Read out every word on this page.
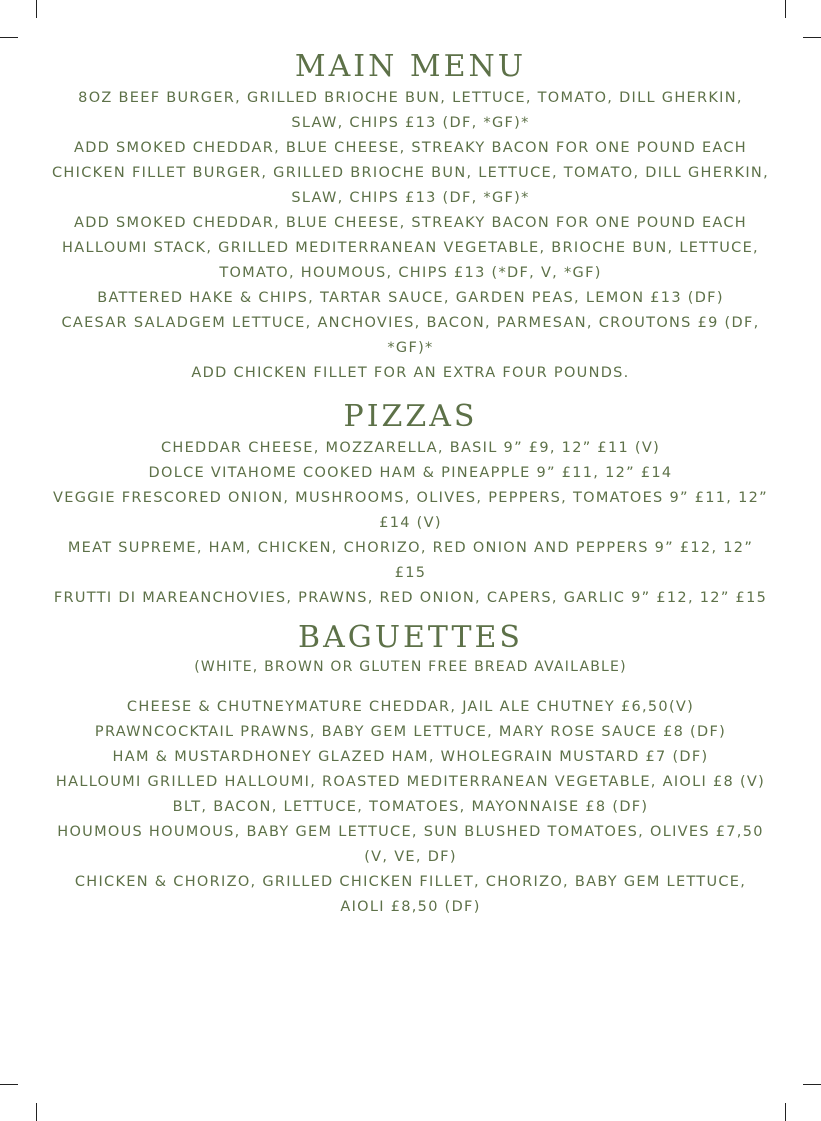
MAIN MENU
8OZ BEEF BURGER, GRILLED BRIOCHE BUN, LETTUCE, TOMATO, DILL GHERKIN, SLAW, CHIPS £13 (DF, *GF)*
ADD SMOKED CHEDDAR, BLUE CHEESE, STREAKY BACON FOR ONE POUND EACH
CHICKEN FILLET BURGER, GRILLED BRIOCHE BUN, LETTUCE, TOMATO, DILL GHERKIN, SLAW, CHIPS £13 (DF, *GF)*
ADD SMOKED CHEDDAR, BLUE CHEESE, STREAKY BACON FOR ONE POUND EACH
HALLOUMI STACK, GRILLED MEDITERRANEAN VEGETABLE, BRIOCHE BUN, LETTUCE, TOMATO, HOUMOUS, CHIPS £13 (*DF, V, *GF)
BATTERED HAKE & CHIPS, TARTAR SAUCE, GARDEN PEAS, LEMON £13 (DF)
CAESAR SALADGEM LETTUCE, ANCHOVIES, BACON, PARMESAN, CROUTONS £9 (DF, *GF)*
ADD CHICKEN FILLET FOR AN EXTRA FOUR POUNDS.
PIZZAS
CHEDDAR CHEESE, MOZZARELLA, BASIL 9” £9, 12” £11 (V)
DOLCE VITAHOME COOKED HAM & PINEAPPLE 9” £11, 12” £14
VEGGIE FRESCORED ONION, MUSHROOMS, OLIVES, PEPPERS, TOMATOES 9” £11, 12” £14 (V)
MEAT SUPREME, HAM, CHICKEN, CHORIZO, RED ONION AND PEPPERS 9” £12, 12” £15
FRUTTI DI MAREANCHOVIES, PRAWNS, RED ONION, CAPERS, GARLIC 9” £12, 12” £15
BAGUETTES

(WHITE, BROWN OR GLUTEN FREE BREAD AVAILABLE)

CHEESE & CHUTNEYMATURE CHEDDAR, JAIL ALE CHUTNEY £6,50(V)
PRAWNCOCKTAIL PRAWNS, BABY GEM LETTUCE, MARY ROSE SAUCE £8 (DF)
HAM & MUSTARDHONEY GLAZED HAM, WHOLEGRAIN MUSTARD £7 (DF)
HALLOUMI GRILLED HALLOUMI, ROASTED MEDITERRANEAN VEGETABLE, AIOLI £8 (V)
BLT, BACON, LETTUCE, TOMATOES, MAYONNAISE £8 (DF)
HOUMOUS HOUMOUS, BABY GEM LETTUCE, SUN BLUSHED TOMATOES, OLIVES £7,50 (V, VE, DF)
CHICKEN & CHORIZO, GRILLED CHICKEN FILLET, CHORIZO, BABY GEM LETTUCE, AIOLI £8,50 (DF)
